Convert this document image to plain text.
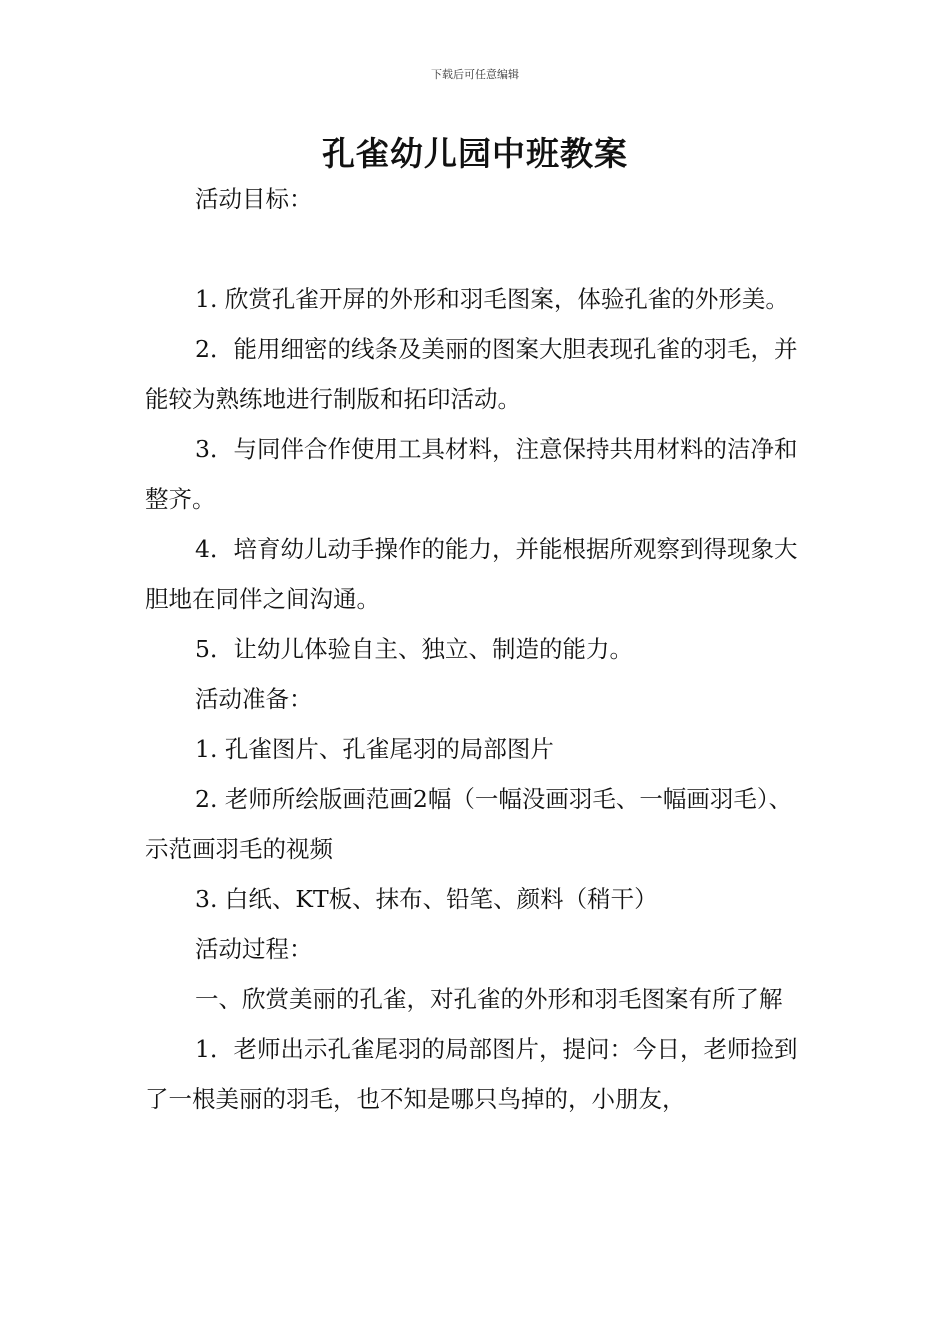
下载后可任意编辑
孔雀幼儿园中班教案

活动目标：

1. 欣赏孔雀开屏的外形和羽毛图案，体验孔雀的外形美。

2．能用细密的线条及美丽的图案大胆表现孔雀的羽毛，并能较为熟练地进行制版和拓印活动。

3．与同伴合作使用工具材料，注意保持共用材料的洁净和整齐。

4．培育幼儿动手操作的能力，并能根据所观察到得现象大胆地在同伴之间沟通。

5．让幼儿体验自主、独立、制造的能力。

活动准备：

1. 孔雀图片、孔雀尾羽的局部图片

2. 老师所绘版画范画2幅（一幅没画羽毛、一幅画羽毛）、示范画羽毛的视频

3. 白纸、KT板、抹布、铅笔、颜料（稍干）

活动过程：

一、欣赏美丽的孔雀，对孔雀的外形和羽毛图案有所了解

1．老师出示孔雀尾羽的局部图片，提问：今日，老师捡到了一根美丽的羽毛，也不知是哪只鸟掉的，小朋友，
